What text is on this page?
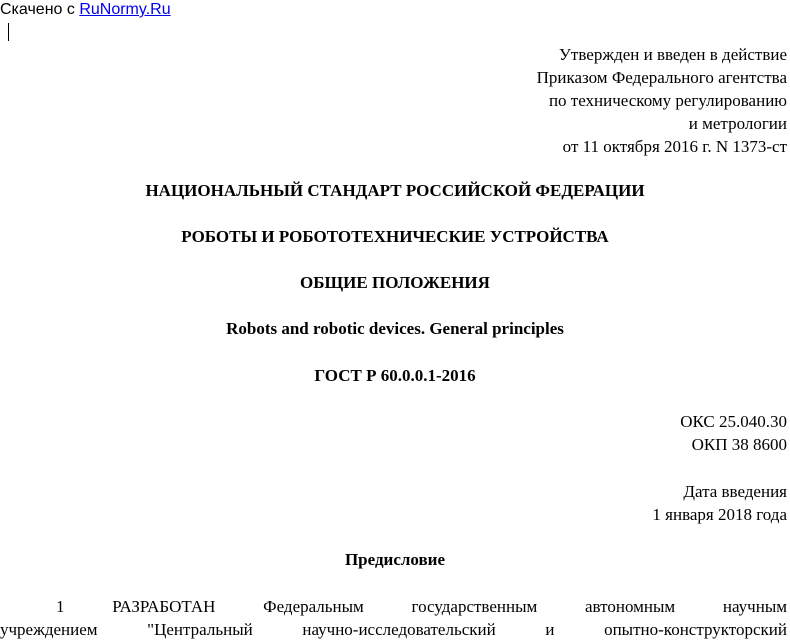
Скачено с RuNormy.Ru
Утвержден и введен в действие
Приказом Федерального агентства
по техническому регулированию
и метрологии
от 11 октября 2016 г. N 1373-ст
НАЦИОНАЛЬНЫЙ СТАНДАРТ РОССИЙСКОЙ ФЕДЕРАЦИИ
РОБОТЫ И РОБОТОТЕХНИЧЕСКИЕ УСТРОЙСТВА
ОБЩИЕ ПОЛОЖЕНИЯ
Robots and robotic devices. General principles
ГОСТ Р 60.0.0.1-2016
ОКС 25.040.30
ОКП 38 8600
Дата введения
1 января 2018 года
Предисловие
1 РАЗРАБОТАН Федеральным государственным автономным научным
учреждением "Центральный научно-исследовательский и опытно-конструкторский
